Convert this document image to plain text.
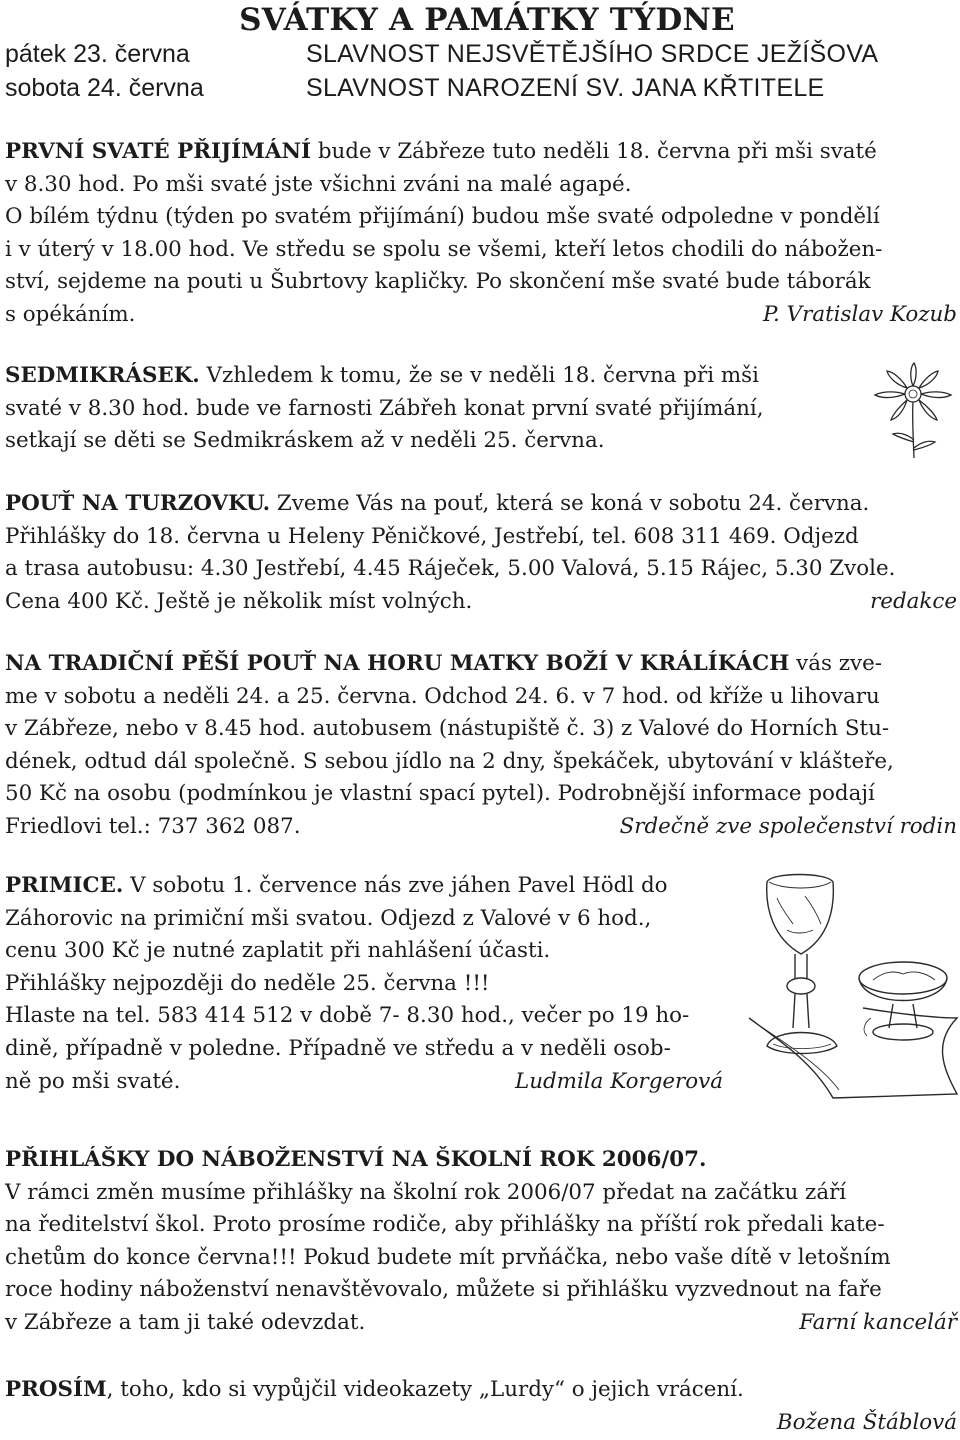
SVÁTKY A PAMÁTKY TÝDNE
pátek 23. června	SLAVNOST NEJSVĚTĚJŠÍHO SRDCE JEŽÍŠOVA
sobota 24. června	SLAVNOST NAROZENÍ SV. JANA KŘTITELE
PRVNÍ SVATÉ PŘIJÍMÁNÍ bude v Zábřeze tuto neděli 18. června při mši svaté
v 8.30 hod. Po mši svaté jste všichni zváni na malé agapé.
O bílém týdnu (týden po svatém přijímání) budou mše svaté odpoledne v pondělí
i v úterý v 18.00 hod. Ve středu se spolu se všemi, kteří letos chodili do nábožen-
ství, sejdeme na pouti u Šubrtovy kapličky. Po skončení mše svaté bude táborák
s opékáním.	P. Vratislav Kozub
SEDMIKRÁSEK. Vzhledem k tomu, že se v neděli 18. června při mši
svaté v 8.30 hod. bude ve farnosti Zábřeh konat první svaté přijímání,
setkají se děti se Sedmikráskem až v neděli 25. června.
POUŤ NA TURZOVKU. Zveme Vás na pouť, která se koná v sobotu 24. června.
Přihlášky do 18. června u Heleny Pěničkové, Jestřebí, tel. 608 311 469. Odjezd
a trasa autobusu: 4.30 Jestřebí, 4.45 Ráječek, 5.00 Valová, 5.15 Rájec, 5.30 Zvole.
Cena 400 Kč. Ještě je několik míst volných.	redakce
NA TRADIČNÍ PĚŠÍ POUŤ NA HORU MATKY BOŽÍ V KRÁLÍKÁCH vás zve-
me v sobotu a neděli 24. a 25. června. Odchod 24. 6. v 7 hod. od kříže u lihovaru
v Zábřeze, nebo v 8.45 hod. autobusem (nástupiště č. 3) z Valové do Horních Stu-
dének, odtud dál společně. S sebou jídlo na 2 dny, špekáček, ubytování v klášteře,
50 Kč na osobu (podmínkou je vlastní spací pytel). Podrobnější informace podají
Friedlovi tel.: 737 362 087.	Srdečně zve společenství rodin
PRIMICE. V sobotu 1. července nás zve jáhen Pavel Hödl do
Záhorovic na primiční mši svatou. Odjezd z Valové v 6 hod.,
cenu 300 Kč je nutné zaplatit při nahlášení účasti.
Přihlášky nejpozději do neděle 25. června !!!
Hlaste na tel. 583 414 512 v době 7- 8.30 hod., večer po 19 ho-
dině, případně v poledne. Případně ve středu a v neděli osob-
ně po mši svaté.	Ludmila Korgerová
PŘIHLÁŠKY DO NÁBOŽENSTVÍ NA ŠKOLNÍ ROK 2006/07.
V rámci změn musíme přihlášky na školní rok 2006/07 předat na začátku září
na ředitelství škol. Proto prosíme rodiče, aby přihlášky na příští rok předali kate-
chetům do konce června!!! Pokud budete mít prvňáčka, nebo vaše dítě v letošním
roce hodiny náboženství nenavštěvovalo, můžete si přihlášku vyzvednout na faře
v Zábřeze a tam ji také odevzdat.	Farní kancelář
PROSÍM, toho, kdo si vypůjčil videokazety „Lurdy“ o jejich vrácení.
Božena Štáblová
